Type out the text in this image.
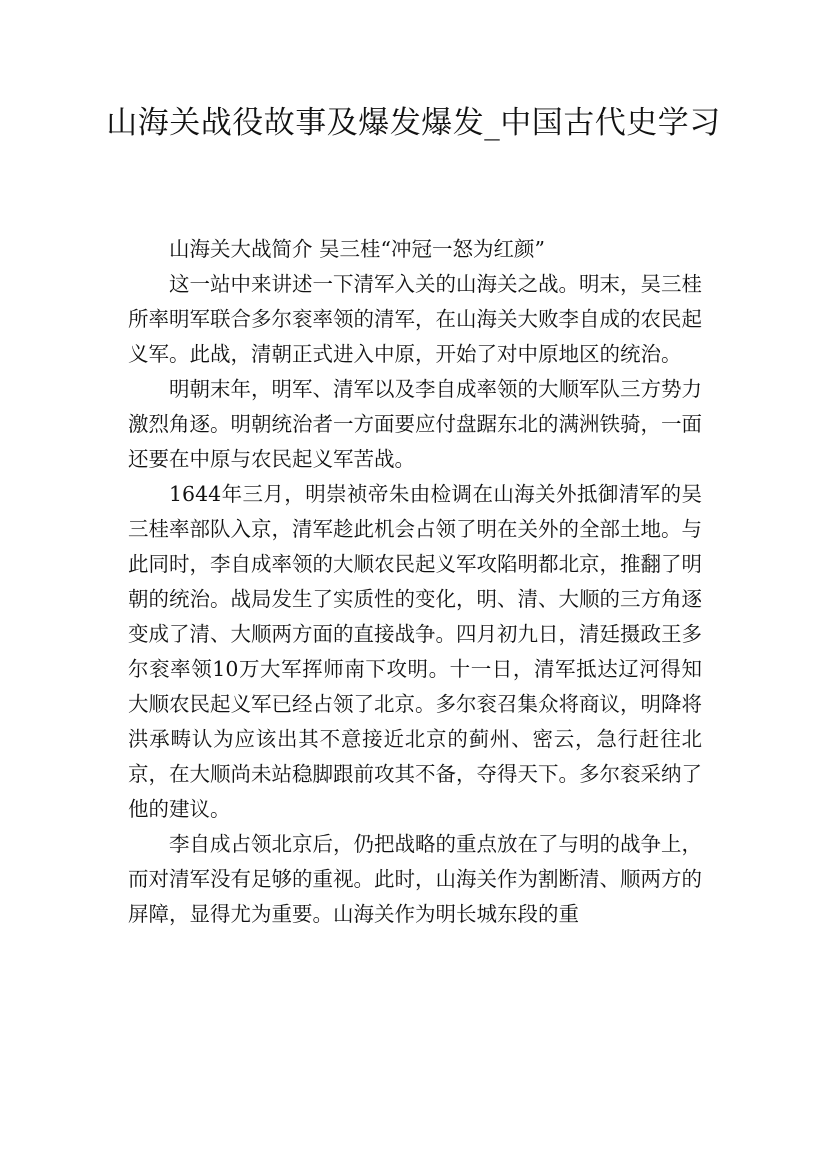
山海关战役故事及爆发爆发_中国古代史学习

山海关大战简介 吴三桂“冲冠一怒为红颜”

这一站中来讲述一下清军入关的山海关之战。明末，吴三桂所率明军联合多尔衮率领的清军，在山海关大败李自成的农民起义军。此战，清朝正式进入中原，开始了对中原地区的统治。

明朝末年，明军、清军以及李自成率领的大顺军队三方势力激烈角逐。明朝统治者一方面要应付盘踞东北的满洲铁骑，一面还要在中原与农民起义军苦战。

1644年三月，明崇祯帝朱由检调在山海关外抵御清军的吴三桂率部队入京，清军趁此机会占领了明在关外的全部土地。与此同时，李自成率领的大顺农民起义军攻陷明都北京，推翻了明朝的统治。战局发生了实质性的变化，明、清、大顺的三方角逐变成了清、大顺两方面的直接战争。四月初九日，清廷摄政王多尔衮率领10万大军挥师南下攻明。十一日，清军抵达辽河得知大顺农民起义军已经占领了北京。多尔衮召集众将商议，明降将洪承畴认为应该出其不意接近北京的蓟州、密云，急行赶往北京，在大顺尚未站稳脚跟前攻其不备，夺得天下。多尔衮采纳了他的建议。

李自成占领北京后，仍把战略的重点放在了与明的战争上，而对清军没有足够的重视。此时，山海关作为割断清、顺两方的屏障，显得尤为重要。山海关作为明长城东段的重
